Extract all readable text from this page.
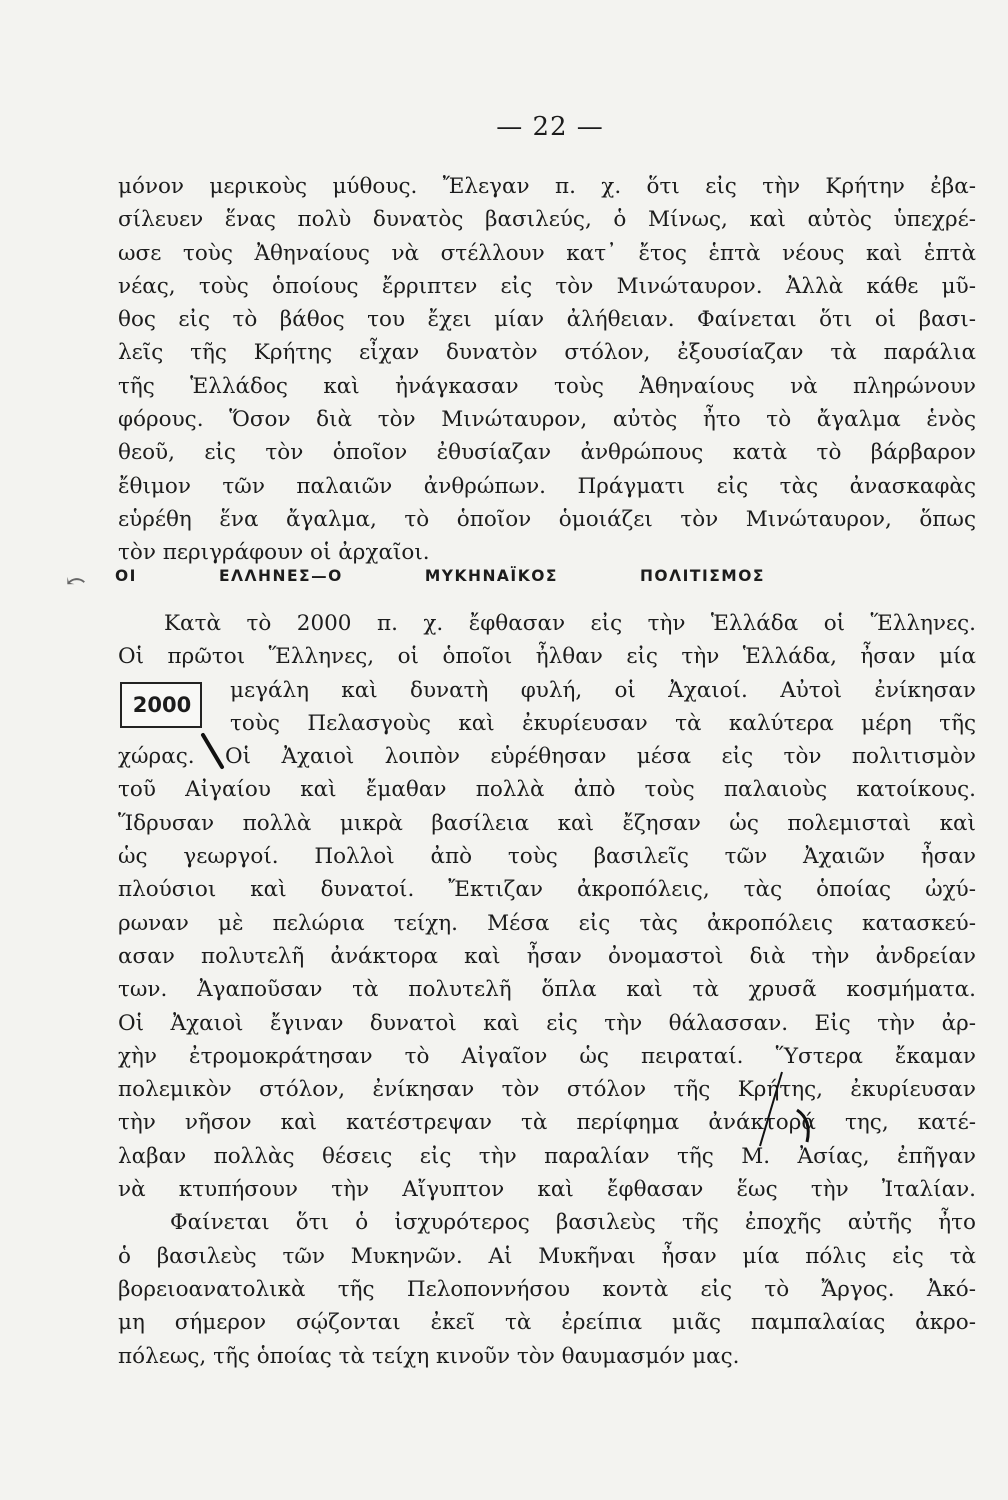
— 22 —
μόνον μερικοὺς μύθους. Ἔλεγαν π. χ. ὅτι εἰς τὴν Κρήτην ἐβα-
σίλευεν ἕνας πολὺ δυνατὸς βασιλεύς, ὁ Μίνως, καὶ αὐτὸς ὑπεχρέ-
ωσε τοὺς Ἀθηναίους νὰ στέλλουν κατ᾽ ἔτος ἑπτὰ νέους καὶ ἑπτὰ
νέας, τοὺς ὁποίους ἔρριπτεν εἰς τὸν Μινώταυρον. Ἀλλὰ κάθε μῦ-
θος εἰς τὸ βάθος του ἔχει μίαν ἀλήθειαν. Φαίνεται ὅτι οἱ βασι-
λεῖς τῆς Κρήτης εἶχαν δυνατὸν στόλον, ἐξουσίαζαν τὰ παράλια
τῆς Ἑλλάδος καὶ ἠνάγκασαν τοὺς Ἀθηναίους νὰ πληρώνουν
φόρους. Ὅσον διὰ τὸν Μινώταυρον, αὐτὸς ἦτο τὸ ἄγαλμα ἑνὸς
θεοῦ, εἰς τὸν ὁποῖον ἐθυσίαζαν ἀνθρώπους κατὰ τὸ βάρβαρον
ἔθιμον τῶν παλαιῶν ἀνθρώπων. Πράγματι εἰς τὰς ἀνασκαφὰς
εὑρέθη ἕνα ἄγαλμα, τὸ ὁποῖον ὁμοιάζει τὸν Μινώταυρον, ὅπως
τὸν περιγράφουν οἱ ἀρχαῖοι.
⤺	ΟΙ ΕΛΛΗΝΕΣ—Ο ΜΥΚΗΝΑΪΚΟΣ ΠΟΛΙΤΙΣΜΟΣ
2000
Κατὰ τὸ 2000 π. χ. ἔφθασαν εἰς τὴν Ἑλλάδα οἱ Ἕλληνες.
Οἱ πρῶτοι Ἕλληνες, οἱ ὁποῖοι ἦλθαν εἰς τὴν Ἑλλάδα, ἦσαν μία
μεγάλη καὶ δυνατὴ φυλή, οἱ Ἀχαιοί. Αὐτοὶ ἐνίκησαν
τοὺς Πελασγοὺς καὶ ἐκυρίευσαν τὰ καλύτερα μέρη τῆς
χώρας. Οἱ Ἀχαιοὶ λοιπὸν εὑρέθησαν μέσα εἰς τὸν πολιτισμὸν
τοῦ Αἰγαίου καὶ ἔμαθαν πολλὰ ἀπὸ τοὺς παλαιοὺς κατοίκους.
Ἵδρυσαν πολλὰ μικρὰ βασίλεια καὶ ἔζησαν ὡς πολεμισταὶ καὶ
ὡς γεωργοί. Πολλοὶ ἀπὸ τοὺς βασιλεῖς τῶν Ἀχαιῶν ἦσαν
πλούσιοι καὶ δυνατοί. Ἔκτιζαν ἀκροπόλεις, τὰς ὁποίας ὠχύ-
ρωναν μὲ πελώρια τείχη. Μέσα εἰς τὰς ἀκροπόλεις κατασκεύ-
ασαν πολυτελῆ ἀνάκτορα καὶ ἦσαν ὀνομαστοὶ διὰ τὴν ἀνδρείαν
των. Ἀγαποῦσαν τὰ πολυτελῆ ὅπλα καὶ τὰ χρυσᾶ κοσμήματα.
Οἱ Ἀχαιοὶ ἔγιναν δυνατοὶ καὶ εἰς τὴν θάλασσαν. Εἰς τὴν ἀρ-
χὴν ἐτρομοκράτησαν τὸ Αἰγαῖον ὡς πειραταί. Ὕστερα ἔκαμαν
πολεμικὸν στόλον, ἐνίκησαν τὸν στόλον τῆς Κρήτης, ἐκυρίευσαν
τὴν νῆσον καὶ κατέστρεψαν τὰ περίφημα ἀνάκτορά της, κατέ-
λαβαν πολλὰς θέσεις εἰς τὴν παραλίαν τῆς Μ. Ἀσίας, ἐπῆγαν
νὰ κτυπήσουν τὴν Αἴγυπτον καὶ ἔφθασαν ἕως τὴν Ἰταλίαν.
Φαίνεται ὅτι ὁ ἰσχυρότερος βασιλεὺς τῆς ἐποχῆς αὐτῆς ἦτο
ὁ βασιλεὺς τῶν Μυκηνῶν. Αἱ Μυκῆναι ἦσαν μία πόλις εἰς τὰ
βορειοανατολικὰ τῆς Πελοποννήσου κοντὰ εἰς τὸ Ἄργος. Ἀκό-
μη σήμερον σῴζονται ἐκεῖ τὰ ἐρείπια μιᾶς παμπαλαίας ἀκρο-
πόλεως, τῆς ὁποίας τὰ τείχη κινοῦν τὸν θαυμασμόν μας.
